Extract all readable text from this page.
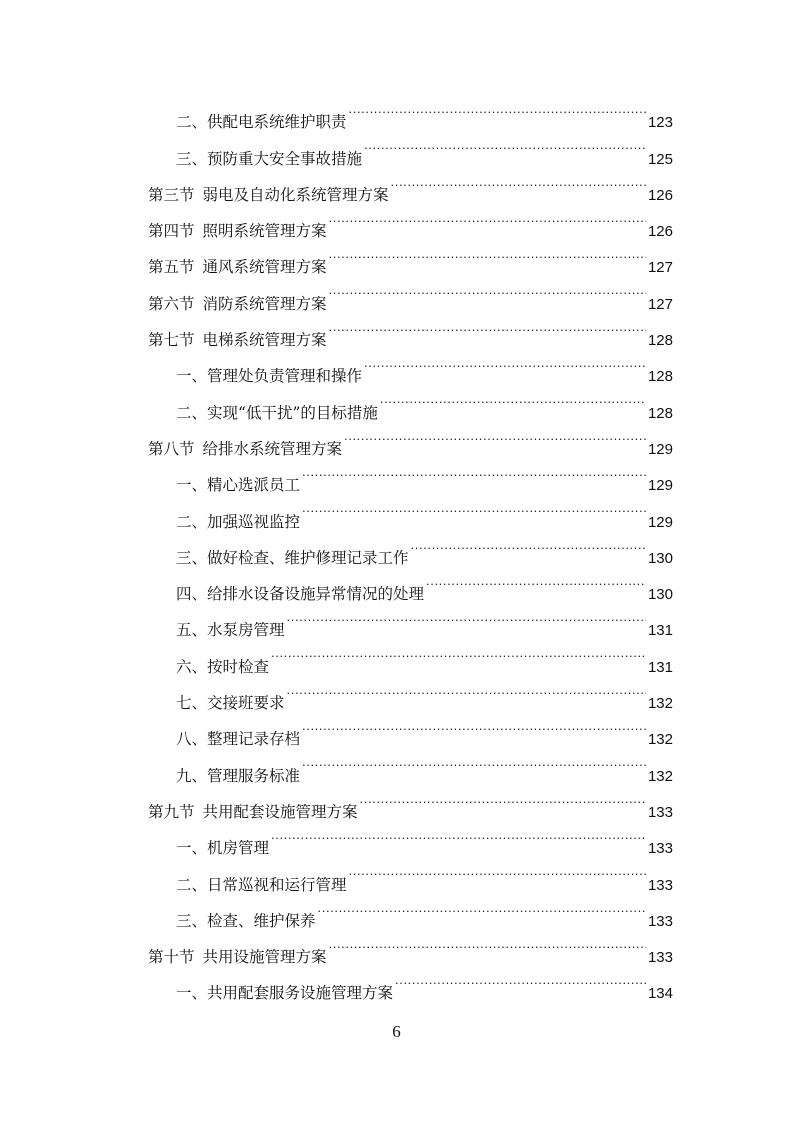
二、 供配电系统维护职责 .....	123
三、 预防重大安全事故措施 .....	125
第三节 弱电及自动化系统管理方案 .....	126
第四节 照明系统管理方案 .....	126
第五节 通风系统管理方案 .....	127
第六节 消防系统管理方案 .....	127
第七节 电梯系统管理方案 .....	128
一、 管理处负责管理和操作 .....	128
二、 实现“低干扰”的目标措施 .....	128
第八节 给排水系统管理方案 .....	129
一、 精心选派员工 .....	129
二、 加强巡视监控 .....	129
三、 做好检查、维护修理记录工作 .....	130
四、 给排水设备设施异常情况的处理 .....	130
五、 水泵房管理 .....	131
六、 按时检查 .....	131
七、 交接班要求 .....	132
八、 整理记录存档 .....	132
九、 管理服务标准 .....	132
第九节 共用配套设施管理方案 .....	133
一、 机房管理 .....	133
二、 日常巡视和运行管理 .....	133
三、 检查、维护保养 .....	133
第十节 共用设施管理方案 .....	133
一、 共用配套服务设施管理方案 .....	134
6
